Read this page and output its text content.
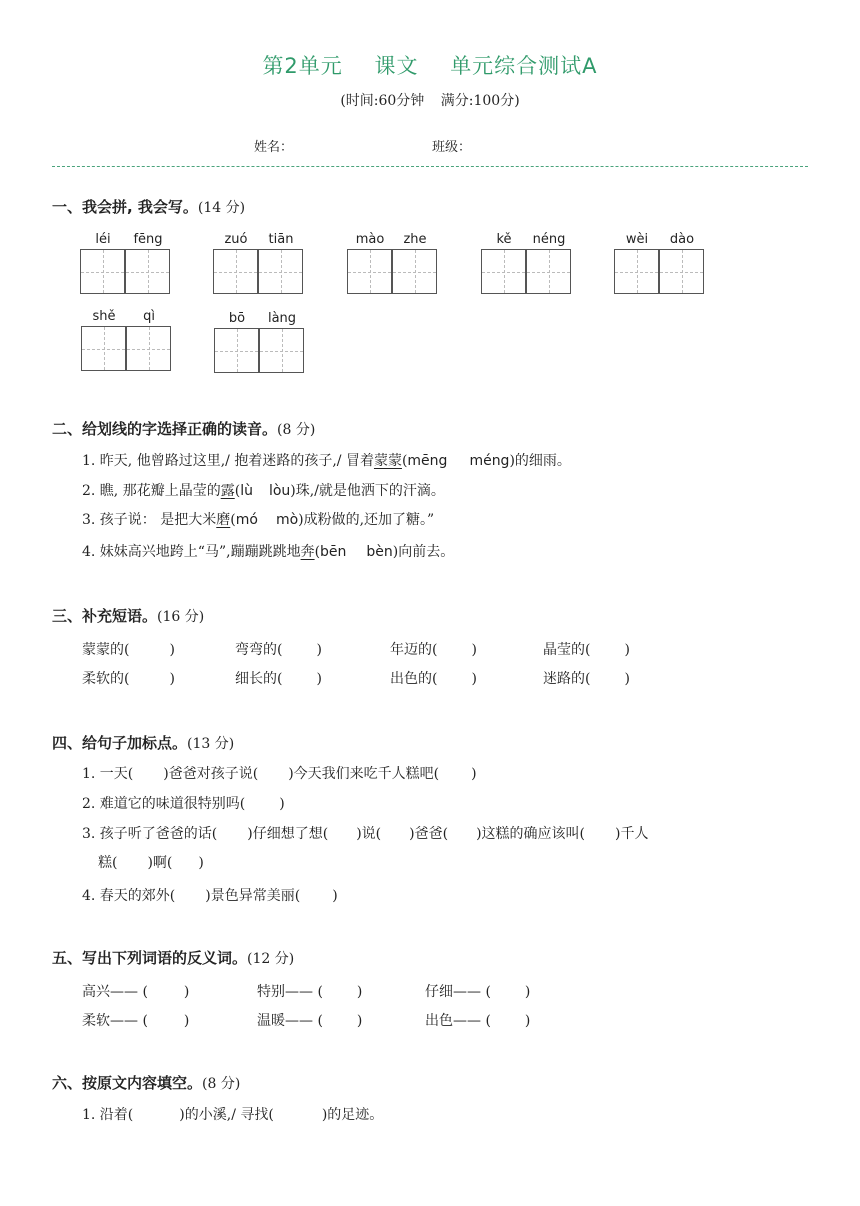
第2单元 课文 单元综合测试A
(时间:60分钟 满分:100分)
姓名：	班级：
一、我会拼, 我会写。(14 分)
léi	fēng	zuó	tiān	mào	zhe	kě	néng	wèi	dào
shě	qì	bō	làng
二、给划线的字选择正确的读音。(8 分)
1. 昨天, 他曾路过这里,/ 抱着迷路的孩子,/ 冒着蒙蒙(mēng méng)的细雨。
2. 瞧, 那花瓣上晶莹的露(lù lòu)珠,/就是他洒下的汗滴。
3. 孩子说： 是把大米磨(mó mò)成粉做的,还加了糖。”
4. 妹妹高兴地跨上“马”,蹦蹦跳跳地奔(bēn bèn)向前去。
三、补充短语。(16 分)
蒙蒙的(	)	弯弯的( )	年迈的( )	晶莹的( )
柔软的(	)	细长的( )	出色的( )	迷路的( )
四、给句子加标点。(13 分)
1. 一天( )爸爸对孩子说( )今天我们来吃千人糕吧( )
2. 难道它的味道很特别吗( )
3. 孩子听了爸爸的话( )仔细想了想( )说( )爸爸( )这糕的确应该叫( )千人
糕( )啊( )
4. 春天的郊外( )景色异常美丽( )
五、写出下列词语的反义词。(12 分)
高兴—— (	)	特别—— ( )	仔细—— ( )
柔软—— (	)	温暖—— ( )	出色—— ( )
六、按原文内容填空。(8 分)
1. 沿着(	)的小溪,/ 寻找(	)的足迹。
